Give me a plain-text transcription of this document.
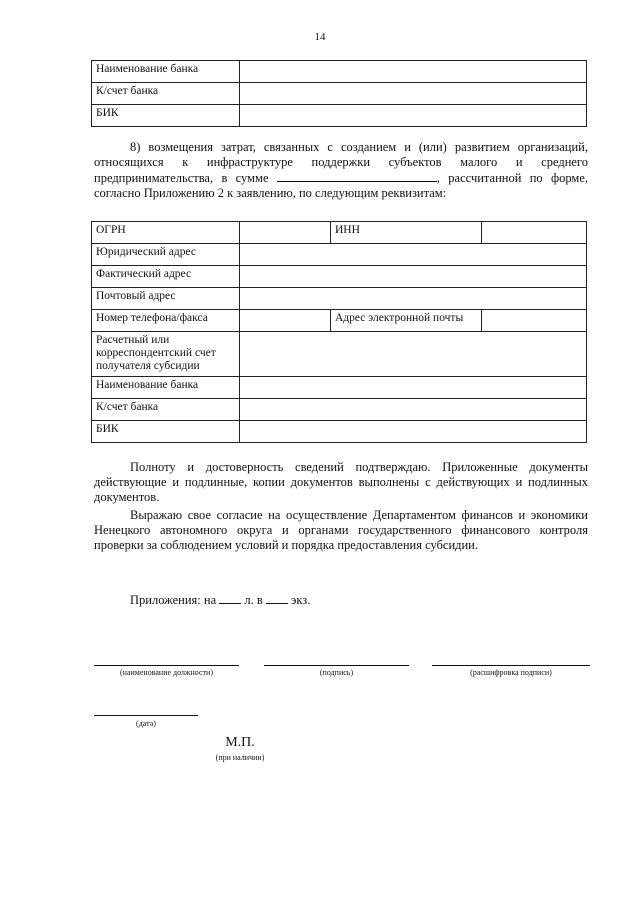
14
Наименование банка	
К/счет банка	
БИК	
8) возмещения затрат, связанных с созданием и (или) развитием организаций, относящихся к инфраструктуре поддержки субъектов малого и среднего предпринимательства, в сумме	, рассчитанной по форме, согласно Приложению 2 к заявлению, по следующим реквизитам:
ОГРН		ИНН	
Юридический адрес			
Фактический адрес			
Почтовый адрес			
Номер телефона/факса		Адрес электронной почты	
Расчетный или корреспондентский счет получателя субсидии			
Наименование банка			
К/счет банка			
БИК			
Полноту и достоверность сведений подтверждаю. Приложенные документы действующие и подлинные, копии документов выполнены с действующих и подлинных документов.
Выражаю свое согласие на осуществление Департаментом финансов и экономики Ненецкого автономного округа и органами государственного финансового контроля проверки за соблюдением условий и порядка предоставления субсидии.
Приложения: на л. в экз.
(наименование должности)	(подпись)	(расшифровка подписи)
(дата)
М.П.
(при наличии)
